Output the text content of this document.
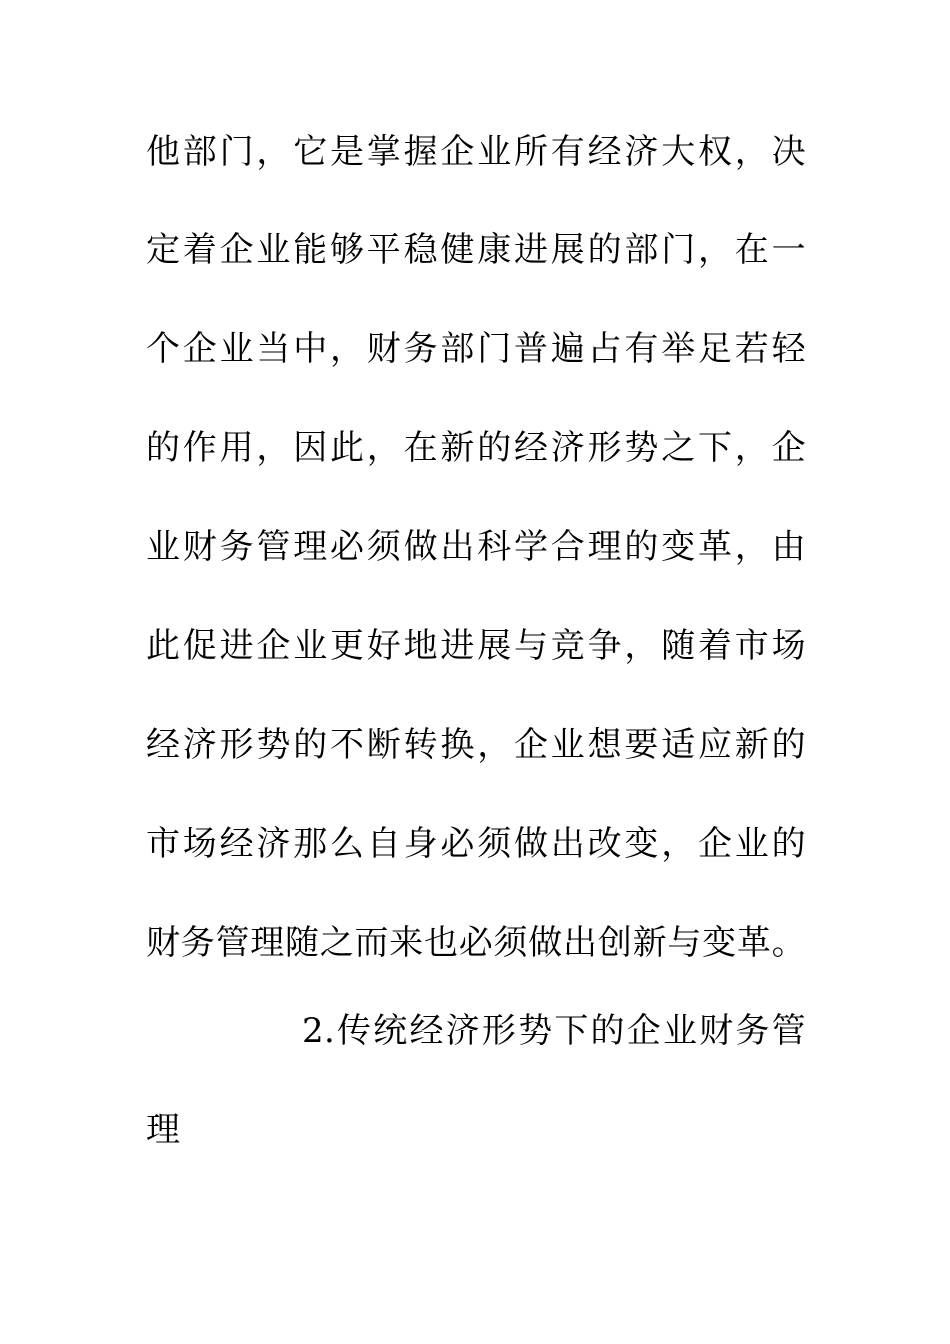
他部门，它是掌握企业所有经济大权，决
定着企业能够平稳健康进展的部门，在一
个企业当中，财务部门普遍占有举足若轻
的作用，因此，在新的经济形势之下，企
业财务管理必须做出科学合理的变革，由
此促进企业更好地进展与竞争，随着市场
经济形势的不断转换，企业想要适应新的
市场经济那么自身必须做出改变，企业的
财务管理随之而来也必须做出创新与变革。
2.传统经济形势下的企业财务管
理
